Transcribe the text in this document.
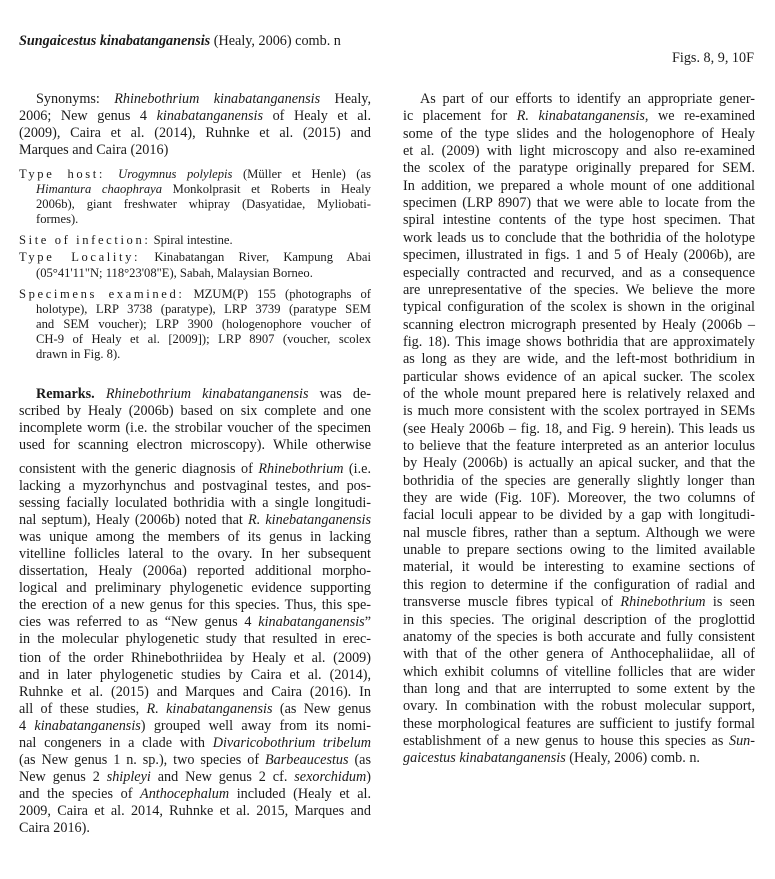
Sungaicestus kinabatanganensis (Healy, 2006) comb. n
Figs. 8, 9, 10F
Synonyms: Rhinebothrium kinabatanganensis Healy,
2006; New genus 4 kinabatanganensis of Healy et al.
(2009), Caira et al. (2014), Ruhnke et al. (2015) and
Marques and Caira (2016)
Type host: Urogymnus polylepis (Müller et Henle) (as
Himantura chaophraya Monkolprasit et Roberts in Healy
2006b), giant freshwater whipray (Dasyatidae, Myliobati-
formes).
Site of infection: Spiral intestine.
Type Locality: Kinabatangan River, Kampung Abai
(05°41'11"N; 118°23'08"E), Sabah, Malaysian Borneo.
Specimens examined: MZUM(P) 155 (photographs of
holotype), LRP 3738 (paratype), LRP 3739 (paratype SEM
and SEM voucher); LRP 3900 (hologenophore voucher of
CH-9 of Healy et al. [2009]); LRP 8907 (voucher, scolex
drawn in Fig. 8).
Remarks. Rhinebothrium kinabatanganensis was de-
scribed by Healy (2006b) based on six complete and one
incomplete worm (i.e. the strobilar voucher of the specimen
used for scanning electron microscopy). While otherwise
consistent with the generic diagnosis of Rhinebothrium (i.e.
lacking a myzorhynchus and postvaginal testes, and pos-
sessing facially loculated bothridia with a single longitudi-
nal septum), Healy (2006b) noted that R. kinebatanganensis
was unique among the members of its genus in lacking
vitelline follicles lateral to the ovary. In her subsequent
dissertation, Healy (2006a) reported additional morpho-
logical and preliminary phylogenetic evidence supporting
the erection of a new genus for this species. Thus, this spe-
cies was referred to as “New genus 4 kinabatanganensis”
in the molecular phylogenetic study that resulted in erec-
tion of the order Rhinebothriidea by Healy et al. (2009)
and in later phylogenetic studies by Caira et al. (2014),
Ruhnke et al. (2015) and Marques and Caira (2016). In
all of these studies, R. kinabatanganensis (as New genus
4 kinabatanganensis) grouped well away from its nomi-
nal congeners in a clade with Divaricobothrium tribelum
(as New genus 1 n. sp.), two species of Barbeaucestus (as
New genus 2 shipleyi and New genus 2 cf. sexorchidum)
and the species of Anthocephalum included (Healy et al.
2009, Caira et al. 2014, Ruhnke et al. 2015, Marques and
Caira 2016).
As part of our efforts to identify an appropriate gener-
ic placement for R. kinabatanganensis, we re-examined
some of the type slides and the hologenophore of Healy
et al. (2009) with light microscopy and also re-examined
the scolex of the paratype originally prepared for SEM.
In addition, we prepared a whole mount of one additional
specimen (LRP 8907) that we were able to locate from the
spiral intestine contents of the type host specimen. That
work leads us to conclude that the bothridia of the holotype
specimen, illustrated in figs. 1 and 5 of Healy (2006b), are
especially contracted and recurved, and as a consequence
are unrepresentative of the species. We believe the more
typical configuration of the scolex is shown in the original
scanning electron micrograph presented by Healy (2006b –
fig. 18). This image shows bothridia that are approximately
as long as they are wide, and the left-most bothridium in
particular shows evidence of an apical sucker. The scolex
of the whole mount prepared here is relatively relaxed and
is much more consistent with the scolex portrayed in SEMs
(see Healy 2006b – fig. 18, and Fig. 9 herein). This leads us
to believe that the feature interpreted as an anterior loculus
by Healy (2006b) is actually an apical sucker, and that the
bothridia of the species are generally slightly longer than
they are wide (Fig. 10F). Moreover, the two columns of
facial loculi appear to be divided by a gap with longitudi-
nal muscle fibres, rather than a septum. Although we were
unable to prepare sections owing to the limited available
material, it would be interesting to examine sections of
this region to determine if the configuration of radial and
transverse muscle fibres typical of Rhinebothrium is seen
in this species. The original description of the proglottid
anatomy of the species is both accurate and fully consistent
with that of the other genera of Anthocephaliidae, all of
which exhibit columns of vitelline follicles that are wider
than long and that are interrupted to some extent by the
ovary. In combination with the robust molecular support,
these morphological features are sufficient to justify formal
establishment of a new genus to house this species as Sun-
gaicestus kinabatanganensis (Healy, 2006) comb. n.
